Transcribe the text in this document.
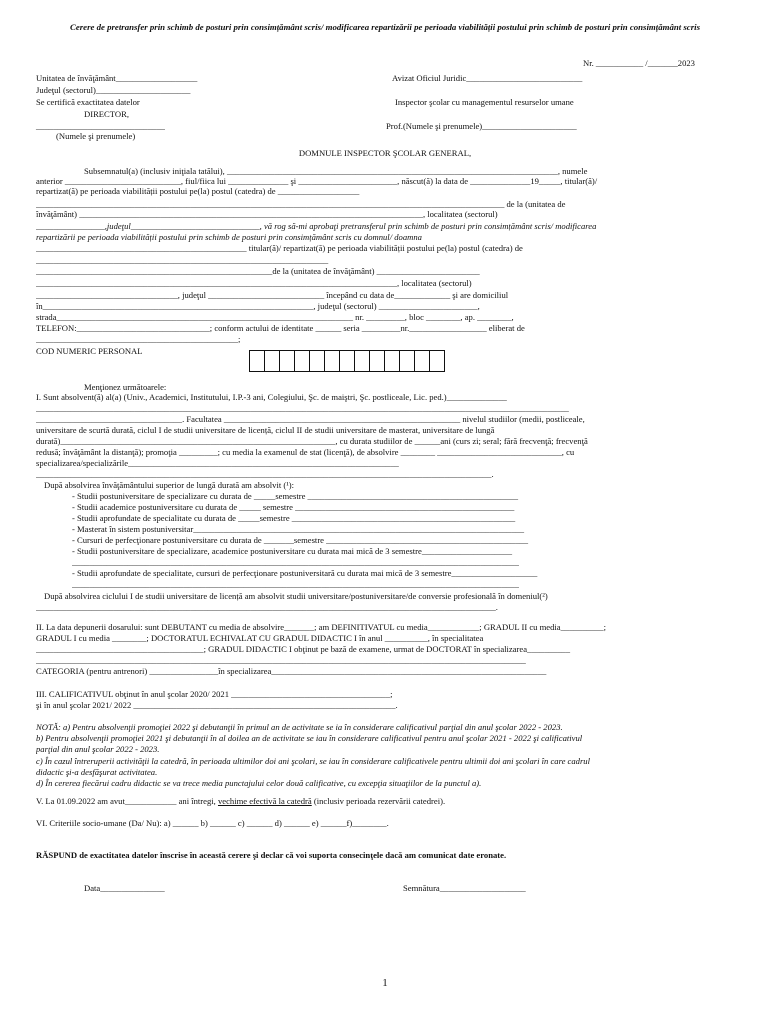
Cerere de pretransfer prin schimb de posturi prin consimțământ scris/ modificarea repartizării pe perioada viabilității postului prin schimb de posturi prin consimțământ scris
Nr. ___________ /_______2023
Unitatea de învăţământ___________________
Judeţul (sectorul)______________________
Se certifică exactitatea datelor
DIRECTOR,
______________________________
(Numele şi prenumele)
Avizat Oficiul Juridic___________________________
Inspector şcolar cu managementul resurselor umane
Prof.(Numele şi prenumele)______________________
DOMNULE INSPECTOR ŞCOLAR GENERAL,
Subsemnatul(a) (inclusiv iniţiala tatălui), _____________________________________________________________________________, numele
anterior ___________________________, fiul/fiica lui ______________ şi _______________________, născut(ă) la data de ______________19_____, titular(ă)/
repartizat(ă) pe perioada viabilității postului pe(la) postul (catedra) de ___________________
_____________________________________________________________________________________________________________ de la (unitatea de
învăţământ) ________________________________________________________________________________, localitatea (sectorul)
________________,judeţul______________________________, vă rog să-mi aprobaţi pretransferul prin schimb de posturi prin consimțământ scris/ modificarea
repartizării pe perioada viabilității postului prin schimb de posturi prin consimțământ scris cu domnul/ doamna
_________________________________________________ titular(ă)/ repartizat(ă) pe perioada viabilității postului pe(la) postul (catedra) de
____________________________________________________________________
_______________________________________________________de la (unitatea de învăţământ) ________________________
____________________________________________________________________________________, localitatea (sectorul)
_________________________________, judeţul ___________________________ începând cu data de_____________ şi are domiciliul
în_______________________________________________________________, judeţul (sectorul) _______________________,
strada_____________________________________________________________________ nr. _________, bloc ________, ap. ________,
TELEFON:_______________________________; conform actului de identitate ______ seria _________nr.__________________ eliberat de
_______________________________________________;
COD NUMERIC PERSONAL
Menţionez următoarele:
I. Sunt absolvent(ă) al(a) (Univ., Academici, Institutului, I.P.-3 ani, Colegiului, Şc. de maiştri, Şc. postliceale, Lic. ped.)______________
____________________________________________________________________________________________________________________________
__________________________________. Facultatea _______________________________________________________ nivelul studiilor (medii, postliceale,
universitare de scurtă durată, ciclul I de studii universitare de licență, ciclul II de studii universitare de masterat, universitare de lungă
durată)________________________________________________________________, cu durata studiilor de ______ani (curs zi; seral; fără frecvenţă; frecvenţă
redusă; învăţământ la distanţă); promoţia _________; cu media la examenul de stat (licenţă), de absolvire ________ _____________________________, cu
specializarea/specializările_______________________________________________________________
__________________________________________________________________________________________________________.
După absolvirea învăţământului superior de lungă durată am absolvit (¹):
- Studii postuniversitare de specializare cu durata de _____semestre _________________________________________________
- Studii academice postuniversitare cu durata de _____ semestre ___________________________________________________
- Studii aprofundate de specialitate cu durata de _____semestre ____________________________________________________
- Masterat în sistem postuniversitar_____________________________________________________________________________
- Cursuri de perfecţionare postuniversitare cu durata de _______semestre _______________________________________________
- Studii postuniversitare de specializare, academice postuniversitare cu durata mai mică de 3 semestre_____________________
________________________________________________________________________________________________________
- Studii aprofundate de specialitate, cursuri de perfecţionare postuniversitară cu durata mai mică de 3 semestre____________________
________________________________________________________________________________________________________
După absolvirea ciclului I de studii universitare de licență am absolvit studii universitare/postuniversitare/de conversie profesională în domeniul(²)
___________________________________________________________________________________________________________.
II. La data depunerii dosarului: sunt DEBUTANT cu media de absolvire_______; am DEFINITIVATUL cu media____________; GRADUL II cu media__________;
GRADUL I cu media ________; DOCTORATUL ECHIVALAT CU GRADUL DIDACTIC I în anul __________, în specialitatea
_______________________________________; GRADUL DIDACTIC I obţinut pe bază de examene, urmat de DOCTORAT în specializarea__________
__________________________________________________________________________________________________________________
CATEGORIA (pentru antrenori) ________________în specializarea________________________________________________________________
III. CALIFICATIVUL obţinut în anul şcolar 2020/ 2021 _____________________________________;
şi în anul şcolar 2021/ 2022 _____________________________________________________________.
NOTĂ: a) Pentru absolvenţii promoţiei 2022 şi debutanţii în primul an de activitate se ia în considerare calificativul parţial din anul şcolar 2022 - 2023.
b) Pentru absolvenţii promoţiei 2021 şi debutanţii în al doilea an de activitate se iau în considerare calificativul pentru anul şcolar 2021 - 2022 şi calificativul
parţial din anul şcolar 2022 - 2023.
c) În cazul întreruperii activităţii la catedră, în perioada ultimilor doi ani şcolari, se iau în considerare calificativele pentru ultimii doi ani şcolari în care cadrul
didactic şi-a desfăşurat activitatea.
d) În cererea fiecărui cadru didactic se va trece media punctajului celor două calificative, cu excepţia situaţiilor de la punctul a).
V. La 01.09.2022 am avut____________ ani întregi, vechime efectivă la catedră (inclusiv perioada rezervării catedrei).
VI. Criteriile socio-umane (Da/ Nu): a) ______ b) ______ c) ______ d) ______ e) ______f)________.
RĂSPUND de exactitatea datelor înscrise în această cerere şi declar că voi suporta consecinţele dacă am comunicat date eronate.
Data_______________	Semnătura____________________
1
